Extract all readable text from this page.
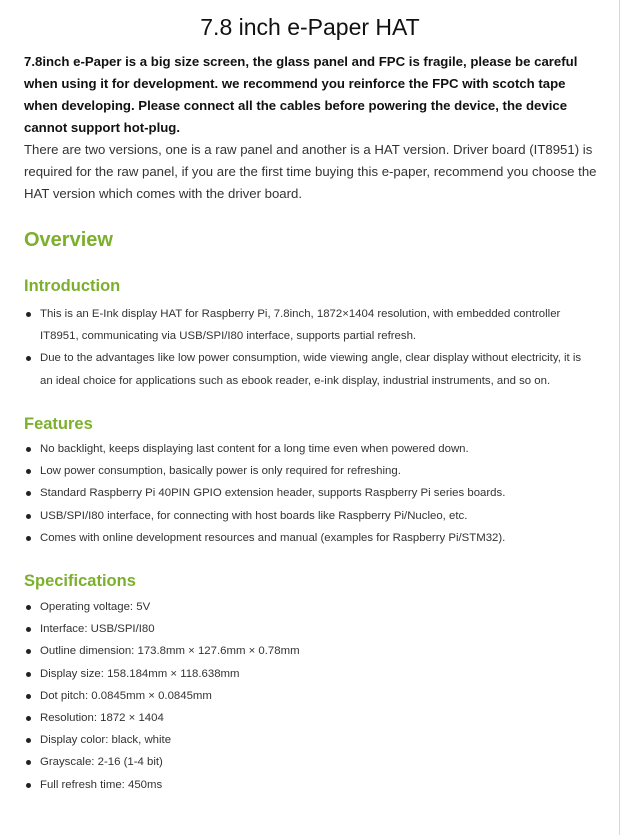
7.8 inch e-Paper HAT

7.8inch e-Paper is a big size screen, the glass panel and FPC is fragile, please be careful when using it for development. we recommend you reinforce the FPC with scotch tape when developing. Please connect all the cables before powering the device, the device cannot support hot-plug.

There are two versions, one is a raw panel and another is a HAT version. Driver board (IT8951) is required for the raw panel, if you are the first time buying this e-paper, recommend you choose the HAT version which comes with the driver board.

Overview
Introduction
This is an E-Ink display HAT for Raspberry Pi, 7.8inch, 1872×1404 resolution, with embedded controller IT8951, communicating via USB/SPI/I80 interface, supports partial refresh.
Due to the advantages like low power consumption, wide viewing angle, clear display without electricity, it is an ideal choice for applications such as ebook reader, e-ink display, industrial instruments, and so on.
Features
No backlight, keeps displaying last content for a long time even when powered down.
Low power consumption, basically power is only required for refreshing.
Standard Raspberry Pi 40PIN GPIO extension header, supports Raspberry Pi series boards.
USB/SPI/I80 interface, for connecting with host boards like Raspberry Pi/Nucleo, etc.
Comes with online development resources and manual (examples for Raspberry Pi/STM32).
Specifications
Operating voltage: 5V
Interface: USB/SPI/I80
Outline dimension: 173.8mm × 127.6mm × 0.78mm
Display size: 158.184mm × 118.638mm
Dot pitch: 0.0845mm × 0.0845mm
Resolution: 1872 × 1404
Display color: black, white
Grayscale: 2-16 (1-4 bit)
Full refresh time: 450ms
